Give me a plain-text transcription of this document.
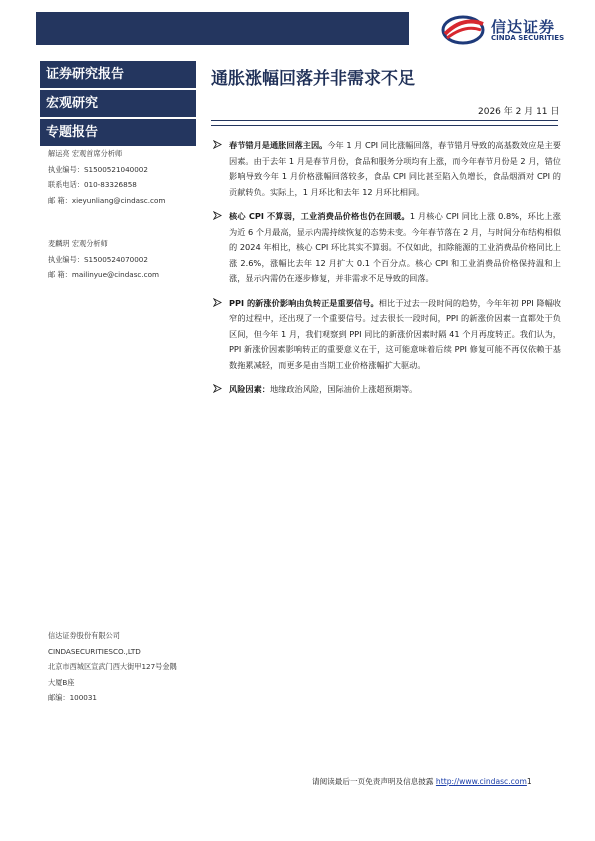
信达证券
CINDA SECURITIES
证券研究报告
宏观研究
专题报告
通胀涨幅回落并非需求不足
2026 年 2 月 11 日
解运亮 宏观首席分析师
执业编号：S1500521040002
联系电话：010-83326858
邮 箱：xieyunliang@cindasc.com
麦麟玥 宏观分析师
执业编号：S1500524070002
邮 箱：mailinyue@cindasc.com
春节错月是通胀回落主因。今年 1 月 CPI 同比涨幅回落，春节错月导致的高基数效应是主要因素。由于去年 1 月是春节月份，食品和服务分项均有上涨，而今年春节月份是 2 月，错位影响导致今年 1 月价格涨幅回落较多，食品 CPI 同比甚至陷入负增长，食品烟酒对 CPI 的贡献转负。实际上，1 月环比和去年 12 月环比相同。
核心 CPI 不算弱，工业消费品价格也仍在回暖。1 月核心 CPI 同比上涨 0.8%，环比上涨为近 6 个月最高，显示内需持续恢复的态势未变。今年春节落在 2 月，与时间分布结构相似的 2024 年相比，核心 CPI 环比其实不算弱。不仅如此，扣除能源的工业消费品价格同比上涨 2.6%，涨幅比去年 12 月扩大 0.1 个百分点。核心 CPI 和工业消费品价格保持温和上涨，显示内需仍在逐步修复，并非需求不足导致的回落。
PPI 的新涨价影响由负转正是重要信号。相比于过去一段时间的趋势，今年年初 PPI 降幅收窄的过程中，还出现了一个重要信号。过去很长一段时间，PPI 的新涨价因素一直都处于负区间，但今年 1 月，我们观察到 PPI 同比的新涨价因素时隔 41 个月再度转正。我们认为，PPI 新涨价因素影响转正的重要意义在于，这可能意味着后续 PPI 修复可能不再仅依赖于基数拖累减轻，而更多是由当期工业价格涨幅扩大驱动。
风险因素：地缘政治风险，国际油价上涨超预期等。
信达证券股份有限公司
CINDASECURITIESCO.,LTD
北京市西城区宣武门西大街甲127号金隅
大厦B座
邮编：100031
请阅读最后一页免责声明及信息披露 http://www.cindasc.com1
